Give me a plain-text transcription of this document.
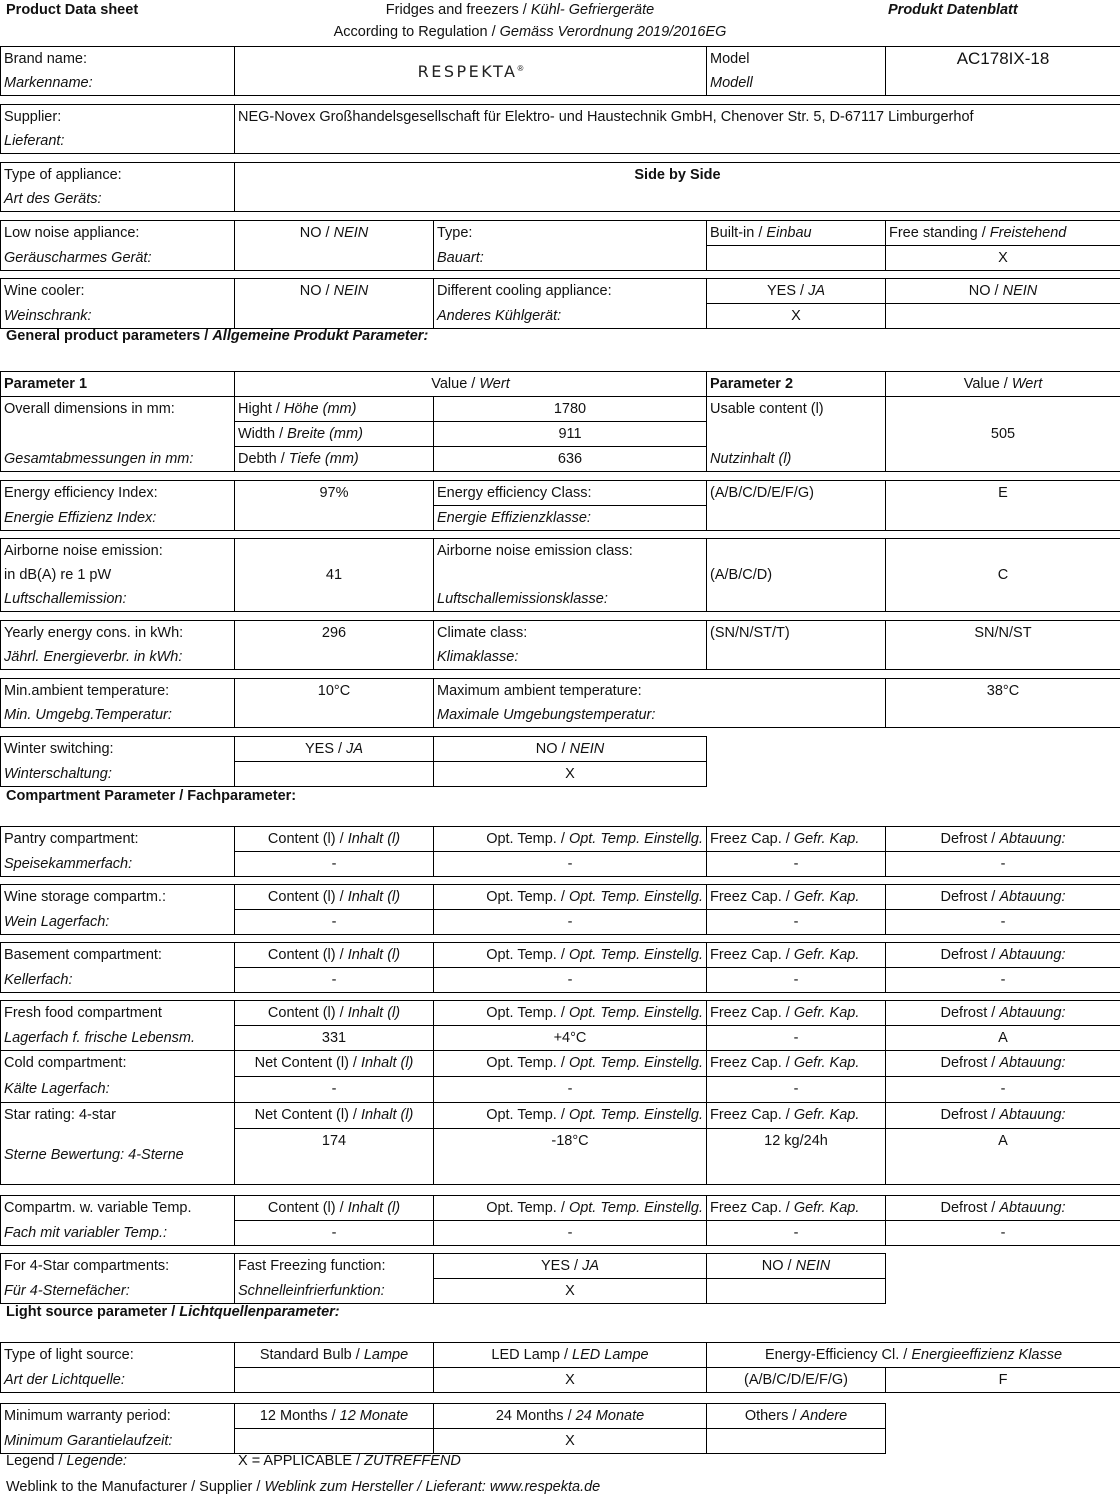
Product Data sheet	Fridges and freezers / Kühl- Gefriergeräte
According to Regulation / Gemäss Verordnung 2019/2016EG
Produkt Datenblatt
Brand name:	RESPEKTA®	Model	AC178IX-18
Markenname:		Modell	
Supplier:	NEG-Novex Großhandelsgesellschaft für Elektro- und Haustechnik GmbH, Chenover Str. 5, D-67117 Limburgerhof
Lieferant:
Type of appliance:	Side by Side
Art des Geräts:
Low noise appliance:	NO / NEIN	Type:	Built-in / Einbau	Free standing / Freistehend
Geräuscharmes Gerät:		Bauart:		X
Wine cooler:	NO / NEIN	Different cooling appliance:	YES / JA	NO / NEIN
Weinschrank:		Anderes Kühlgerät:	X	
General product parameters / Allgemeine Produkt Parameter:
Parameter 1	Value / Wert		Parameter 2	Value / Wert
Overall dimensions in mm:	Hight / Höhe (mm)	1780	Usable content (l)	505
	Width / Breite (mm)	911		
Gesamtabmessungen in mm:	Debth / Tiefe (mm)	636	Nutzinhalt (l)	
Energy efficiency Index:	97%	Energy efficiency Class:	(A/B/C/D/E/F/G)	E
Energie Effizienz Index:		Energie Effizienzklasse:		
Airborne noise emission:	41	Airborne noise emission class:	(A/B/C/D)	C
in dB(A) re 1 pW				
Luftschallemission:		Luftschallemissionsklasse:		
Yearly energy cons. in kWh:	296	Climate class:	(SN/N/ST/T)	SN/N/ST
Jährl. Energieverbr. in kWh:		Klimaklasse:		
Min.ambient temperature:	10°C	Maximum ambient temperature:	38°C
Min. Umgebg.Temperatur:		Maximale Umgebungstemperatur:	
Winter switching:	YES / JA	NO / NEIN		
Winterschaltung:		X		
Compartment Parameter / Fachparameter:
Pantry compartment:	Content (l) / Inhalt (l)	Opt. Temp. / Opt. Temp. Einstellg.	Freez Cap. / Gefr. Kap.	Defrost / Abtauung:
Speisekammerfach:	-	-	-	-
Wine storage compartm.:	Content (l) / Inhalt (l)	Opt. Temp. / Opt. Temp. Einstellg.	Freez Cap. / Gefr. Kap.	Defrost / Abtauung:
Wein Lagerfach:	-	-	-	-
Basement compartment:	Content (l) / Inhalt (l)	Opt. Temp. / Opt. Temp. Einstellg.	Freez Cap. / Gefr. Kap.	Defrost / Abtauung:
Kellerfach:	-	-	-	-
Fresh food compartment	Content (l) / Inhalt (l)	Opt. Temp. / Opt. Temp. Einstellg.	Freez Cap. / Gefr. Kap.	Defrost / Abtauung:
Lagerfach f. frische Lebensm.	331	+4°C	-	A
Cold compartment:	Net Content (l) / Inhalt (l)	Opt. Temp. / Opt. Temp. Einstellg.	Freez Cap. / Gefr. Kap.	Defrost / Abtauung:
Kälte Lagerfach:	-	-	-	-
Star rating: 4-star	Net Content (l) / Inhalt (l)	Opt. Temp. / Opt. Temp. Einstellg.	Freez Cap. / Gefr. Kap.	Defrost / Abtauung:
Sterne Bewertung: 4-Sterne	174	-18°C	12 kg/24h	A
Compartm. w. variable Temp.	Content (l) / Inhalt (l)	Opt. Temp. / Opt. Temp. Einstellg.	Freez Cap. / Gefr. Kap.	Defrost / Abtauung:
Fach mit variabler Temp.:	-	-	-	-
For 4-Star compartments:	Fast Freezing function:	YES / JA	NO / NEIN	
Für 4-Sternefächer:	Schnelleinfrierfunktion:	X		
Light source parameter / Lichtquellenparameter:
Type of light source:	Standard Bulb / Lampe	LED Lamp / LED Lampe	Energy-Efficiency Cl. / Energieeffizienz Klasse	
Art der Lichtquelle:		X	(A/B/C/D/E/F/G)	F
Minimum warranty period:	12 Months / 12 Monate	24 Months / 24 Monate	Others / Andere	
Minimum Garantielaufzeit:		X		
Legend / Legende:	X = APPLICABLE / ZUTREFFEND
Weblink to the Manufacturer / Supplier / Weblink zum Hersteller / Lieferant: www.respekta.de
